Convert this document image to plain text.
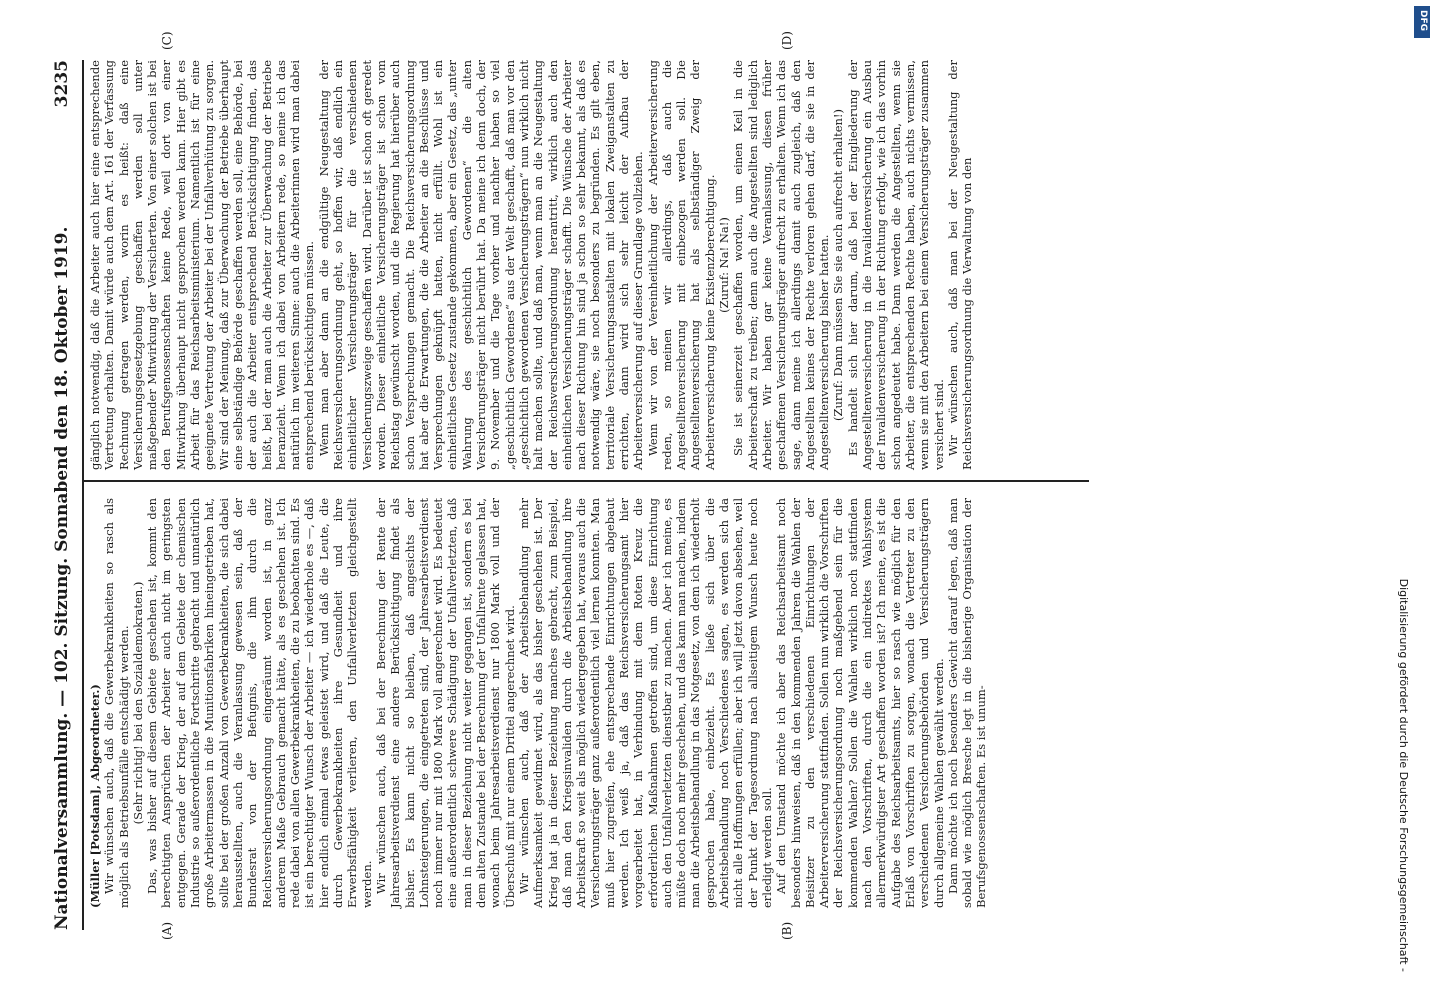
Nationalversammlung. — 102. Sitzung. Sonnabend den 18. Oktober 1919.
3235
(A)	(B)
(C)	(D)

(Müller [Potsdam], Abgeordneter.) Wir wünschen auch, daß die Gewerbekrankheiten so rasch als möglich als Betriebsunfälle entschädigt werden. (Sehr richtig! bei den Sozialdemokraten.) Das, was bisher auf diesem Gebiete geschehen ist, kommt den berechtigten Ansprüchen der Arbeiter auch nicht im geringsten entgegen. Gerade der Krieg, der auf dem Gebiete der chemischen Industrie so außerordentliche Fortschritte gebracht und unnatürlich große Arbeitermassen in die Munitionsfabriken hineingetrieben hat, sollte bei der großen Anzahl von Gewerbekrankheiten, die sich dabei herausstellten, auch die Veranlassung gewesen sein, daß der Bundesrat von der Befugnis, die ihm durch die Reichsversicherungsordnung eingeräumt worden ist, in ganz anderem Maße Gebrauch gemacht hätte, als es geschehen ist. Ich rede dabei von allen Gewerbekrankheiten, die zu beobachten sind. Es ist ein berechtigter Wunsch der Arbeiter — ich wiederhole es —, daß hier endlich einmal etwas geleistet wird, und daß die Leute, die durch Gewerbekrankheiten ihre Gesundheit und ihre Erwerbsfähigkeit verlieren, den Unfallverletzten gleichgestellt werden. Wir wünschen auch, daß bei der Berechnung der Rente der Jahresarbeitsverdienst eine andere Berücksichtigung findet als bisher. Es kann nicht so bleiben, daß angesichts der Lohnsteigerungen, die eingetreten sind, der Jahresarbeitsverdienst noch immer nur mit 1800 Mark voll angerechnet wird. Es bedeutet eine außerordentlich schwere Schädigung der Unfallverletzten, daß man in dieser Beziehung nicht weiter gegangen ist, sondern es bei dem alten Zustande bei der Berechnung der Unfallrente gelassen hat, wonach beim Jahresarbeitsverdienst nur 1800 Mark voll und der Überschuß mit nur einem Drittel angerechnet wird. Wir wünschen auch, daß der Arbeitsbehandlung mehr Aufmerksamkeit gewidmet wird, als das bisher geschehen ist. Der Krieg hat ja in dieser Beziehung manches gebracht, zum Beispiel, daß man den Kriegsinvaliden durch die Arbeitsbehandlung ihre Arbeitskraft so weit als möglich wiedergegeben hat, woraus auch die Versicherungsträger ganz außerordentlich viel lernen konnten. Man muß hier zugreifen, ehe entsprechende Einrichtungen abgebaut werden. Ich weiß ja, daß das Reichsversicherungsamt hier vorgearbeitet hat, in Verbindung mit dem Roten Kreuz die erforderlichen Maßnahmen getroffen sind, um diese Einrichtung auch den Unfallverletzten dienstbar zu machen. Aber ich meine, es müßte doch noch mehr geschehen, und das kann man machen, indem man die Arbeitsbehandlung in das Notgesetz, von dem ich wiederholt gesprochen habe, einbezieht. Es ließe sich über die Arbeitsbehandlung noch Verschiedenes sagen, es werden sich da nicht alle Hoffnungen erfüllen; aber ich will jetzt davon absehen, weil der Punkt der Tagesordnung nach allseitigem Wunsch heute noch erledigt werden soll. Auf den Umstand möchte ich aber das Reichsarbeitsamt noch besonders hinweisen, daß in den kommenden Jahren die Wahlen der Beisitzer zu den verschiedenen Einrichtungen der Arbeiterversicherung stattfinden. Sollen nun wirklich die Vorschriften der Reichsversicherungsordnung noch maßgebend sein für die kommenden Wahlen? Sollen die Wahlen wirklich noch stattfinden nach den Vorschriften, durch die ein indirektes Wahlsystem allermerkwürdigster Art geschaffen worden ist? Ich meine, es ist die Aufgabe des Reichsarbeitsamts, hier so rasch wie möglich für den Erlaß von Vorschriften zu sorgen, wonach die Vertreter zu den verschiedenen Versicherungsbehörden und Versicherungsträgern durch allgemeine Wahlen gewählt werden. Dann möchte ich noch besonders Gewicht darauf legen, daß man sobald wie möglich Bresche legt in die bisherige Organisation der Berufsgenossenschaften. Es ist unum-

gänglich notwendig, daß die Arbeiter auch hier eine entsprechende Vertretung erhalten. Damit würde auch dem Art. 161 der Verfassung Rechnung getragen werden, worin es heißt: daß eine Versicherungsgesetzgebung geschaffen werden soll unter maßgebender Mitwirkung der Versicherten. Von einer solchen ist bei den Berufsgenossenschaften keine Rede, weil dort von einer Mitwirkung überhaupt nicht gesprochen werden kann. Hier gibt es Arbeit für das Reichsarbeitsministerium. Namentlich ist für eine geeignete Vertretung der Arbeiter bei der Unfallverhütung zu sorgen. Wir sind der Meinung, daß zur Überwachung der Betriebe überhaupt eine selbständige Behörde geschaffen werden soll, eine Behörde, bei der auch die Arbeiter entsprechend Berücksichtigung finden, das heißt, bei der man auch die Arbeiter zur Überwachung der Betriebe heranzieht. Wenn ich dabei von Arbeitern rede, so meine ich das natürlich im weiteren Sinne: auch die Arbeiterinnen wird man dabei entsprechend berücksichtigen müssen. Wenn man aber dann an die endgültige Neugestaltung der Reichsversicherungsordnung geht, so hoffen wir, daß endlich ein einheitlicher Versicherungsträger für die verschiedenen Versicherungszweige geschaffen wird. Darüber ist schon oft geredet worden. Dieser einheitliche Versicherungsträger ist schon vom Reichstag gewünscht worden, und die Regierung hat hierüber auch schon Versprechungen gemacht. Die Reichsversicherungsordnung hat aber die Erwartungen, die die Arbeiter an die Beschlüsse und Versprechungen geknüpft hatten, nicht erfüllt. Wohl ist ein einheitliches Gesetz zustande gekommen, aber ein Gesetz, das „unter Wahrung des geschichtlich Gewordenen“ die alten Versicherungsträger nicht berührt hat. Da meine ich denn doch, der 9. November und die Tage vorher und nachher haben so viel „geschichtlich Gewordenes“ aus der Welt geschafft, daß man vor den „geschichtlich gewordenen Versicherungsträgern“ nun wirklich nicht halt machen sollte, und daß man, wenn man an die Neugestaltung der Reichsversicherungsordnung herantritt, wirklich auch den einheitlichen Versicherungsträger schafft. Die Wünsche der Arbeiter nach dieser Richtung hin sind ja schon so sehr bekannt, als daß es notwendig wäre, sie noch besonders zu begründen. Es gilt eben, territoriale Versicherungsanstalten mit lokalen Zweiganstalten zu errichten, dann wird sich sehr leicht der Aufbau der Arbeiterversicherung auf dieser Grundlage vollziehen. Wenn wir von der Vereinheitlichung der Arbeiterversicherung reden, so meinen wir allerdings, daß auch die Angestelltenversicherung mit einbezogen werden soll. Die Angestelltenversicherung hat als selbständiger Zweig der Arbeiterversicherung keine Existenzberechtigung. (Zuruf: Na! Na!) Sie ist seinerzeit geschaffen worden, um einen Keil in die Arbeiterschaft zu treiben; denn auch die Angestellten sind lediglich Arbeiter. Wir haben gar keine Veranlassung, diesen früher geschaffenen Versicherungsträger aufrecht zu erhalten. Wenn ich das sage, dann meine ich allerdings damit auch zugleich, daß den Angestellten keines der Rechte verloren gehen darf, die sie in der Angestelltenversicherung bisher hatten. (Zuruf: Dann müssen Sie sie auch aufrecht erhalten!) Es handelt sich hier darum, daß bei der Eingliederung der Angestelltenversicherung in die Invalidenversicherung ein Ausbau der Invalidenversicherung in der Richtung erfolgt, wie ich das vorhin schon angedeutet habe. Dann werden die Angestellten, wenn sie Arbeiter, die entsprechenden Rechte haben, auch nichts vermissen, wenn sie mit den Arbeitern bei einem Versicherungsträger zusammen versichert sind. Wir wünschen auch, daß man bei der Neugestaltung der Reichsversicherungsordnung die Verwaltung von den

Digitalisierung gefördert durch die Deutsche Forschungsgemeinschaft -
DFG
